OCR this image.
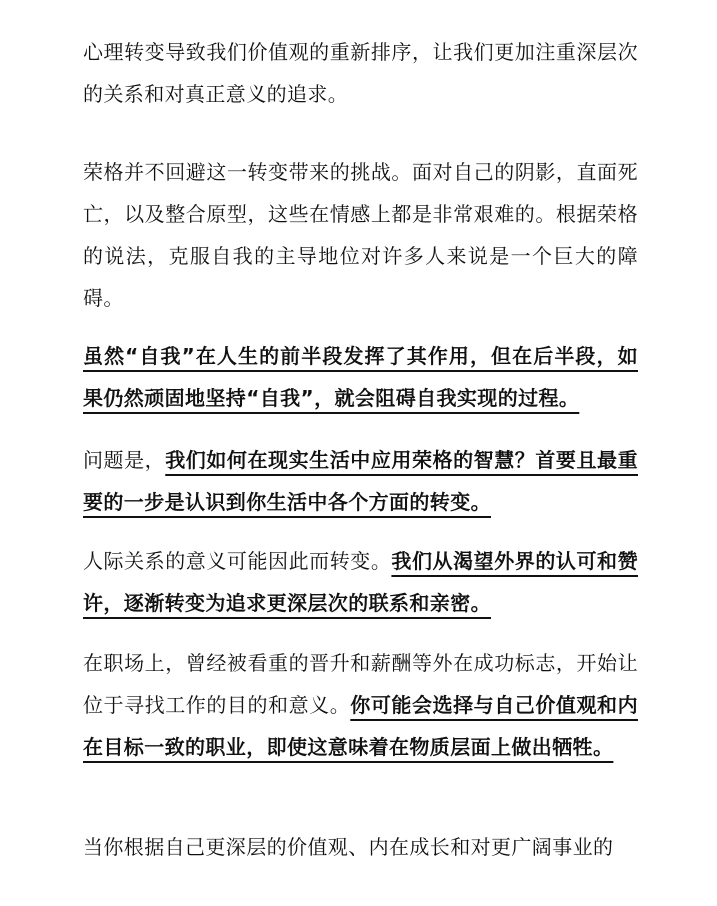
心理转变导致我们价值观的重新排序，让我们更加注重深层次的关系和对真正意义的追求。

荣格并不回避这一转变带来的挑战。面对自己的阴影，直面死亡，以及整合原型，这些在情感上都是非常艰难的。根据荣格的说法，克服自我的主导地位对许多人来说是一个巨大的障碍。

虽然“自我”在人生的前半段发挥了其作用，但在后半段，如果仍然顽固地坚持“自我”，就会阻碍自我实现的过程。

问题是，我们如何在现实生活中应用荣格的智慧？首要且最重要的一步是认识到你生活中各个方面的转变。

人际关系的意义可能因此而转变。我们从渴望外界的认可和赞许，逐渐转变为追求更深层次的联系和亲密。

在职场上，曾经被看重的晋升和薪酬等外在成功标志，开始让位于寻找工作的目的和意义。你可能会选择与自己价值观和内在目标一致的职业，即使这意味着在物质层面上做出牺牲。

当你根据自己更深层的价值观、内在成长和对更广阔事业的
